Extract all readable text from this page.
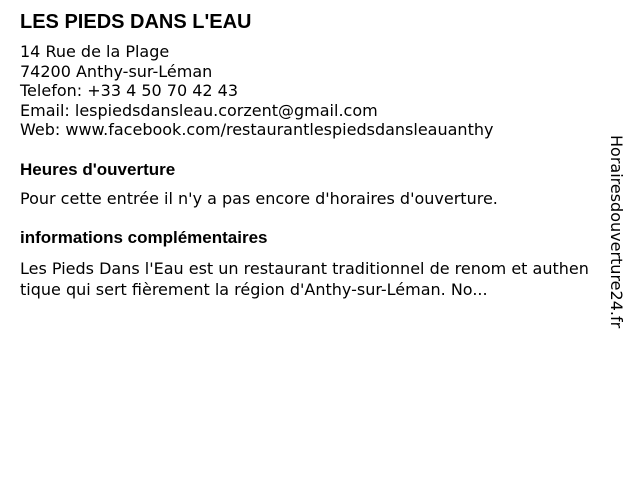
LES PIEDS DANS L'EAU
14 Rue de la Plage
74200 Anthy-sur-Léman
Telefon: +33 4 50 70 42 43
Email: lespiedsdansleau.corzent@gmail.com
Web: www.facebook.com/restaurantlespiedsdansleauanthy
Heures d'ouverture
Pour cette entrée il n'y a pas encore d'horaires d'ouverture.
informations complémentaires
Les Pieds Dans l'Eau est un restaurant traditionnel de renom et authentique qui sert fièrement la région d'Anthy-sur-Léman. No...	Horairesdouverture24.fr
